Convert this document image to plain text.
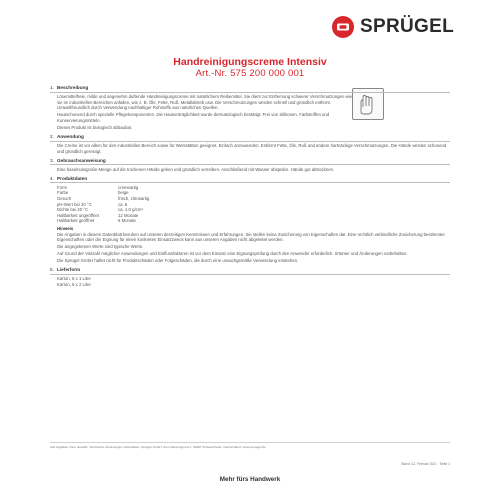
SPRÜGEL
Handreinigungscreme Intensiv
Art.-Nr. 575 200 000 001
1. Beschreibung

Lösemittelfreie, milde und angenehm duftende Handreinigungscreme mit natürlichem Reibemittel. Sie dient zur Entfernung schwerer Verschmutzungen wie sie im industriellen Bereichen anfallen, wie z. B. Öle, Fette, Ruß, Metallabrieb usw. Die Verschmutzungen werden schnell und gründlich entfernt. Umweltfreundlich durch Verwendung nachhaltiger Rohstoffe aus natürlichen Quellen.

Hautschonend durch spezielle Pflegekomponenten. Die Hautverträglichkeit wurde dermatologisch bestätigt. Frei von Silikonen, Farbstoffen und Konservierungsmitteln.

Dieses Produkt ist biologisch abbaubar.

2. Anwendung

Die Creme ist vor allem für den industriellen Bereich sowie für Werkstätten geeignet. Einfach anzuwenden. Entfernt Fette, Öle, Ruß und andere hartnäckige Verschmutzungen. Die Hände werden schonend und gründlich gereinigt.

3. Gebrauchsanweisung

Eine haselnussgroße Menge auf die trockenen Hände geben und gründlich verreiben. Anschließend mit Wasser abspülen. Hände gut abtrocknen.

4. Produktdaten
Form	cremeartig
Farbe	beige
Geruch	frisch, zitrusartig
pH-Wert bei 20 °C	ca. 5
Dichte bei 20 °C	ca. 1,0 g/cm³
Haltbarkeit ungeöffnet	12 Monate
Haltbarkeit geöffnet	6 Monate
Hinweis

Die Angaben in diesem Datenblatt beruhen auf unseren derzeitigen Kenntnissen und Erfahrungen. Sie stellen keine Zusicherung von Eigenschaften dar. Eine rechtlich verbindliche Zusicherung bestimmter Eigenschaften oder der Eignung für einen konkreten Einsatzzweck kann aus unseren Angaben nicht abgeleitet werden.

Die angegebenen Werte sind typische Werte.

Auf Grund der Vielzahl möglicher Anwendungen und Einflussfaktoren ist vor dem Einsatz eine Eignungsprüfung durch den Anwender erforderlich. Irrtümer und Änderungen vorbehalten.

Die Sprügel GmbH haftet nicht für Produktschäden oder Folgeschäden, die durch eine unsachgemäße Verwendung entstehen.

5. Lieferform

Karton, 6 x 1 Liter

Karton, 6 x 2 Liter

Alle Angaben ohne Gewähr. Technische Änderungen vorbehalten. Sprügel GmbH, Zum Wiesengrund 1, 01987 Schwarzheide, Deutschland. www.spruegel.de
Stand: 12. Februar 2021 · Seite 1
Mehr fürs Handwerk
